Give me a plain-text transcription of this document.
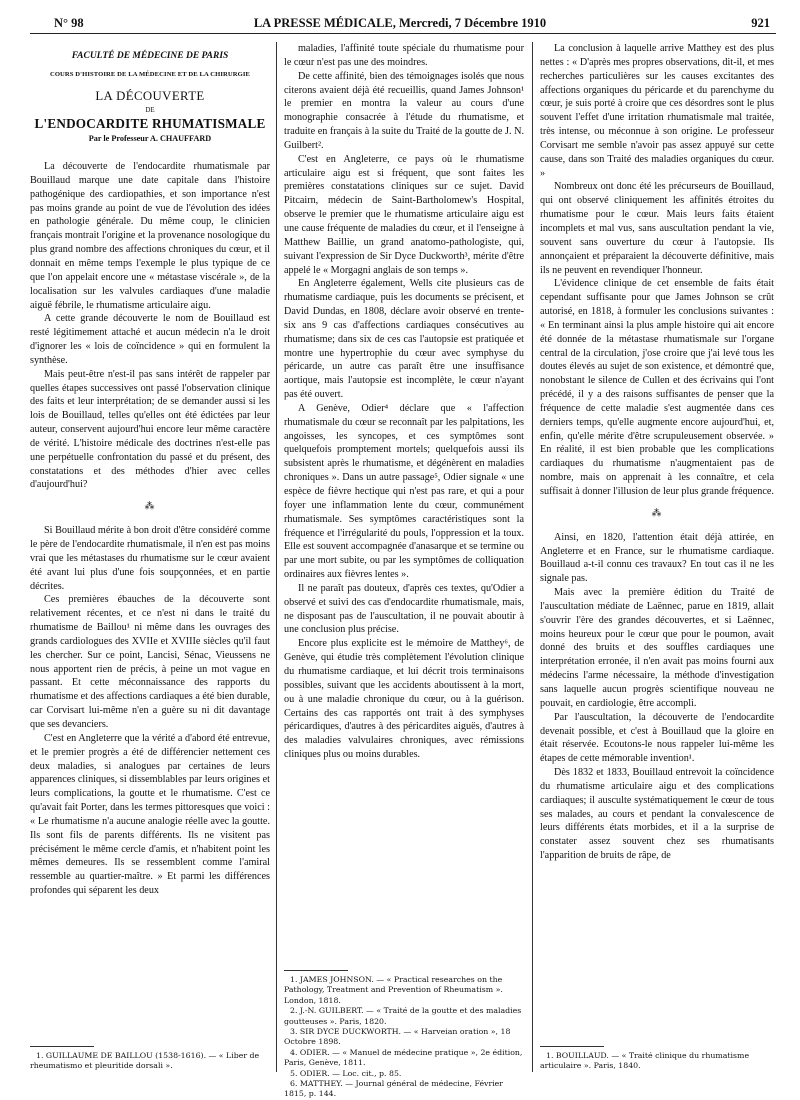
N° 98	LA PRESSE MÉDICALE, Mercredi, 7 Décembre 1910	921

FACULTÉ DE MÉDECINE DE PARIS

COURS D'HISTOIRE DE LA MÉDECINE ET DE LA CHIRURGIE

LA DÉCOUVERTE

DE

L'ENDOCARDITE RHUMATISMALE

Par le Professeur A. CHAUFFARD

La découverte de l'endocardite rhumatismale par Bouillaud marque une date capitale dans l'histoire pathogénique des cardiopathies, et son importance n'est pas moins grande au point de vue de l'évolution des idées en pathologie générale. Du même coup, le clinicien français montrait l'origine et la provenance nosologique du plus grand nombre des affections chroniques du cœur, et il donnait en même temps l'exemple le plus typique de ce que l'on appelait encore une « métastase viscérale », de la localisation sur les valvules cardiaques d'une maladie aiguë fébrile, le rhumatisme articulaire aigu.

A cette grande découverte le nom de Bouillaud est resté légitimement attaché et aucun médecin n'a le droit d'ignorer les « lois de coïncidence » qui en formulent la synthèse.

Mais peut-être n'est-il pas sans intérêt de rappeler par quelles étapes successives ont passé l'observation clinique des faits et leur interprétation; de se demander aussi si les lois de Bouillaud, telles qu'elles ont été édictées par leur auteur, conservent aujourd'hui encore leur même caractère de vérité. L'histoire médicale des doctrines n'est-elle pas une perpétuelle confrontation du passé et du présent, des constatations et des méthodes d'hier avec celles d'aujourd'hui?

⁂

Si Bouillaud mérite à bon droit d'être considéré comme le père de l'endocardite rhumatismale, il n'en est pas moins vrai que les métastases du rhumatisme sur le cœur avaient été avant lui plus d'une fois soupçonnées, et en partie décrites.

Ces premières ébauches de la découverte sont relativement récentes, et ce n'est ni dans le traité du rhumatisme de Baillou¹ ni même dans les ouvrages des grands cardiologues des XVIIe et XVIIIe siècles qu'il faut les chercher. Sur ce point, Lancisi, Sénac, Vieussens ne nous apportent rien de précis, à peine un mot vague en passant. Et cette méconnaissance des rapports du rhumatisme et des affections cardiaques a été bien durable, car Corvisart lui-même n'en a guère su ni dit davantage que ses devanciers.

C'est en Angleterre que la vérité a d'abord été entrevue, et le premier progrès a été de différencier nettement ces deux maladies, si analogues par certaines de leurs apparences cliniques, si dissemblables par leurs origines et leurs complications, la goutte et le rhumatisme. C'est ce qu'avait fait Porter, dans les termes pittoresques que voici : « Le rhumatisme n'a aucune analogie réelle avec la goutte. Ils sont fils de parents différents. Ils ne visitent pas précisément le même cercle d'amis, et n'habitent point les mêmes demeures. Ils se ressemblent comme l'amiral ressemble au quartier-maître. » Et parmi les différences profondes qui séparent les deux

1. GUILLAUME DE BAILLOU (1538-1616). — « Liber de rheumatismo et pleuritide dorsali ».

maladies, l'affinité toute spéciale du rhumatisme pour le cœur n'est pas une des moindres.

De cette affinité, bien des témoignages isolés que nous citerons avaient déjà été recueillis, quand James Johnson¹ le premier en montra la valeur au cours d'une monographie consacrée à l'étude du rhumatisme, et traduite en français à la suite du Traité de la goutte de J. N. Guilbert².

C'est en Angleterre, ce pays où le rhumatisme articulaire aigu est si fréquent, que sont faites les premières constatations cliniques sur ce sujet. David Pitcairn, médecin de Saint-Bartholomew's Hospital, observe le premier que le rhumatisme articulaire aigu est une cause fréquente de maladies du cœur, et il l'enseigne à Matthew Baillie, un grand anatomo-pathologiste, qui, suivant l'expression de Sir Dyce Duckworth³, mérite d'être appelé le « Morgagni anglais de son temps ».

En Angleterre également, Wells cite plusieurs cas de rhumatisme cardiaque, puis les documents se précisent, et David Dundas, en 1808, déclare avoir observé en trente-six ans 9 cas d'affections cardiaques consécutives au rhumatisme; dans six de ces cas l'autopsie est pratiquée et montre une hypertrophie du cœur avec symphyse du péricarde, un autre cas paraît être une insuffisance aortique, mais l'autopsie est incomplète, le cœur n'ayant pas été ouvert.

A Genève, Odier⁴ déclare que « l'affection rhumatismale du cœur se reconnaît par les palpitations, les angoisses, les syncopes, et ces symptômes sont quelquefois promptement mortels; quelquefois aussi ils subsistent après le rhumatisme, et dégénèrent en maladies chroniques ». Dans un autre passage⁵, Odier signale « une espèce de fièvre hectique qui n'est pas rare, et qui a pour foyer une inflammation lente du cœur, communément rhumatismale. Ses symptômes caractéristiques sont la fréquence et l'irrégularité du pouls, l'oppression et la toux. Elle est souvent accompagnée d'anasarque et se termine ou par une mort subite, ou par les symptômes de colliquation ordinaires aux fièvres lentes ».

Il ne paraît pas douteux, d'après ces textes, qu'Odier a observé et suivi des cas d'endocardite rhumatismale, mais, ne disposant pas de l'auscultation, il ne pouvait aboutir à une conclusion plus précise.

Encore plus explicite est le mémoire de Matthey⁶, de Genève, qui étudie très complètement l'évolution clinique du rhumatisme cardiaque, et lui décrit trois terminaisons possibles, suivant que les accidents aboutissent à la mort, ou à une maladie chronique du cœur, ou à la guérison. Certains des cas rapportés ont trait à des symphyses péricardiques, d'autres à des péricardites aiguës, d'autres à des maladies valvulaires chroniques, avec rémissions cliniques plus ou moins durables.

1. JAMES JOHNSON. — « Practical researches on the Pathology, Treatment and Prevention of Rheumatism ». London, 1818.

2. J.-N. GUILBERT. — « Traité de la goutte et des maladies goutteuses ». Paris, 1820.

3. SIR DYCE DUCKWORTH. — « Harveian oration », 18 Octobre 1898.

4. ODIER. — « Manuel de médecine pratique », 2e édition, Paris, Genève, 1811.

5. ODIER. — Loc. cit., p. 85.

6. MATTHEY. — Journal général de médecine, Février 1815, p. 144.

La conclusion à laquelle arrive Matthey est des plus nettes : « D'après mes propres observations, dit-il, et mes recherches particulières sur les causes excitantes des affections organiques du péricarde et du parenchyme du cœur, je suis porté à croire que ces désordres sont le plus souvent l'effet d'une irritation rhumatismale mal traitée, très intense, ou méconnue à son origine. Le professeur Corvisart me semble n'avoir pas assez appuyé sur cette cause, dans son Traité des maladies organiques du cœur. »

Nombreux ont donc été les précurseurs de Bouillaud, qui ont observé cliniquement les affinités étroites du rhumatisme pour le cœur. Mais leurs faits étaient incomplets et mal vus, sans auscultation pendant la vie, souvent sans ouverture du cœur à l'autopsie. Ils annonçaient et préparaient la découverte définitive, mais ils ne peuvent en revendiquer l'honneur.

L'évidence clinique de cet ensemble de faits était cependant suffisante pour que James Johnson se crût autorisé, en 1818, à formuler les conclusions suivantes : « En terminant ainsi la plus ample histoire qui ait encore été donnée de la métastase rhumatismale sur l'organe central de la circulation, j'ose croire que j'ai levé tous les doutes élevés au sujet de son existence, et démontré que, nonobstant le silence de Cullen et des écrivains qui l'ont précédé, il y a des raisons suffisantes de penser que la fréquence de cette maladie s'est augmentée dans ces derniers temps, qu'elle augmente encore aujourd'hui, et, enfin, qu'elle mérite d'être scrupuleusement observée. » En réalité, il est bien probable que les complications cardiaques du rhumatisme n'augmentaient pas de nombre, mais on apprenait à les connaître, et cela suffisait à donner l'illusion de leur plus grande fréquence.

⁂

Ainsi, en 1820, l'attention était déjà attirée, en Angleterre et en France, sur le rhumatisme cardiaque. Bouillaud a-t-il connu ces travaux? En tout cas il ne les signale pas.

Mais avec la première édition du Traité de l'auscultation médiate de Laënnec, parue en 1819, allait s'ouvrir l'ère des grandes découvertes, et si Laënnec, moins heureux pour le cœur que pour le poumon, avait donné des bruits et des souffles cardiaques une interprétation erronée, il n'en avait pas moins fourni aux médecins l'arme nécessaire, la méthode d'investigation sans laquelle aucun progrès scientifique nouveau ne pouvait, en cardiologie, être accompli.

Par l'auscultation, la découverte de l'endocardite devenait possible, et c'est à Bouillaud que la gloire en était réservée. Ecoutons-le nous rappeler lui-même les étapes de cette mémorable invention¹.

Dès 1832 et 1833, Bouillaud entrevoit la coïncidence du rhumatisme articulaire aigu et des complications cardiaques; il ausculte systématiquement le cœur de tous ses malades, au cours et pendant la convalescence de leurs différents états morbides, et il a la surprise de constater assez souvent chez ses rhumatisants l'apparition de bruits de râpe, de

1. BOUILLAUD. — « Traité clinique du rhumatisme articulaire ». Paris, 1840.
